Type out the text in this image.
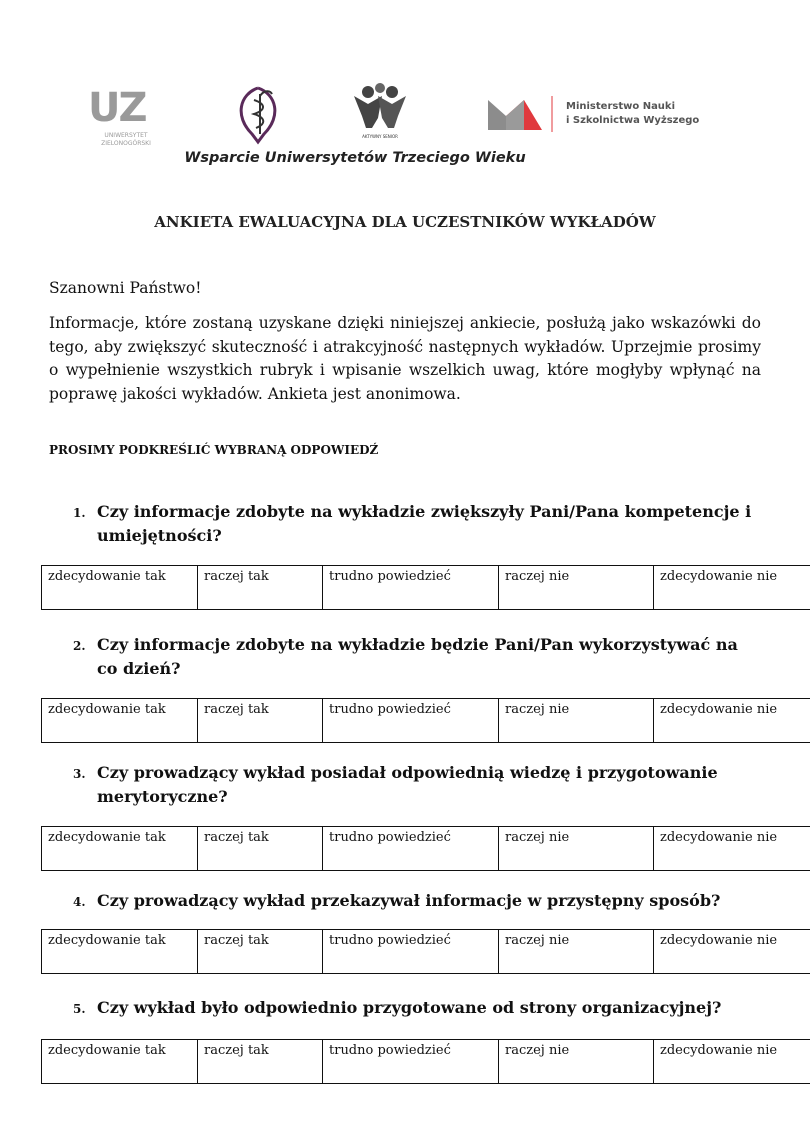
UZ
UNIWERSYTET ZIELONOGÓRSKI
AKTYWNY SENIOR
Ministerstwo Nauki
i Szkolnictwa Wyższego
Wsparcie Uniwersytetów Trzeciego Wieku
ANKIETA EWALUACYJNA DLA UCZESTNIKÓW WYKŁADÓW
Szanowni Państwo!
Informacje, które zostaną uzyskane dzięki niniejszej ankiecie, posłużą jako wskazówki do tego, aby zwiększyć skuteczność i atrakcyjność następnych wykładów. Uprzejmie prosimy o wypełnienie wszystkich rubryk i wpisanie wszelkich uwag, które mogłyby wpłynąć na poprawę jakości wykładów. Ankieta jest anonimowa.
PROSIMY PODKREŚLIĆ WYBRANĄ ODPOWIEDŹ
1. Czy informacje zdobyte na wykładzie zwiększyły Pani/Pana kompetencje i umiejętności?
zdecydowanie tak	raczej tak	trudno powiedzieć	raczej nie	zdecydowanie nie
2. Czy informacje zdobyte na wykładzie będzie Pani/Pan wykorzystywać na co dzień?
zdecydowanie tak	raczej tak	trudno powiedzieć	raczej nie	zdecydowanie nie
3. Czy prowadzący wykład posiadał odpowiednią wiedzę i przygotowanie merytoryczne?
zdecydowanie tak	raczej tak	trudno powiedzieć	raczej nie	zdecydowanie nie
4. Czy prowadzący wykład przekazywał informacje w przystępny sposób?
zdecydowanie tak	raczej tak	trudno powiedzieć	raczej nie	zdecydowanie nie
5. Czy wykład było odpowiednio przygotowane od strony organizacyjnej?
zdecydowanie tak	raczej tak	trudno powiedzieć	raczej nie	zdecydowanie nie
